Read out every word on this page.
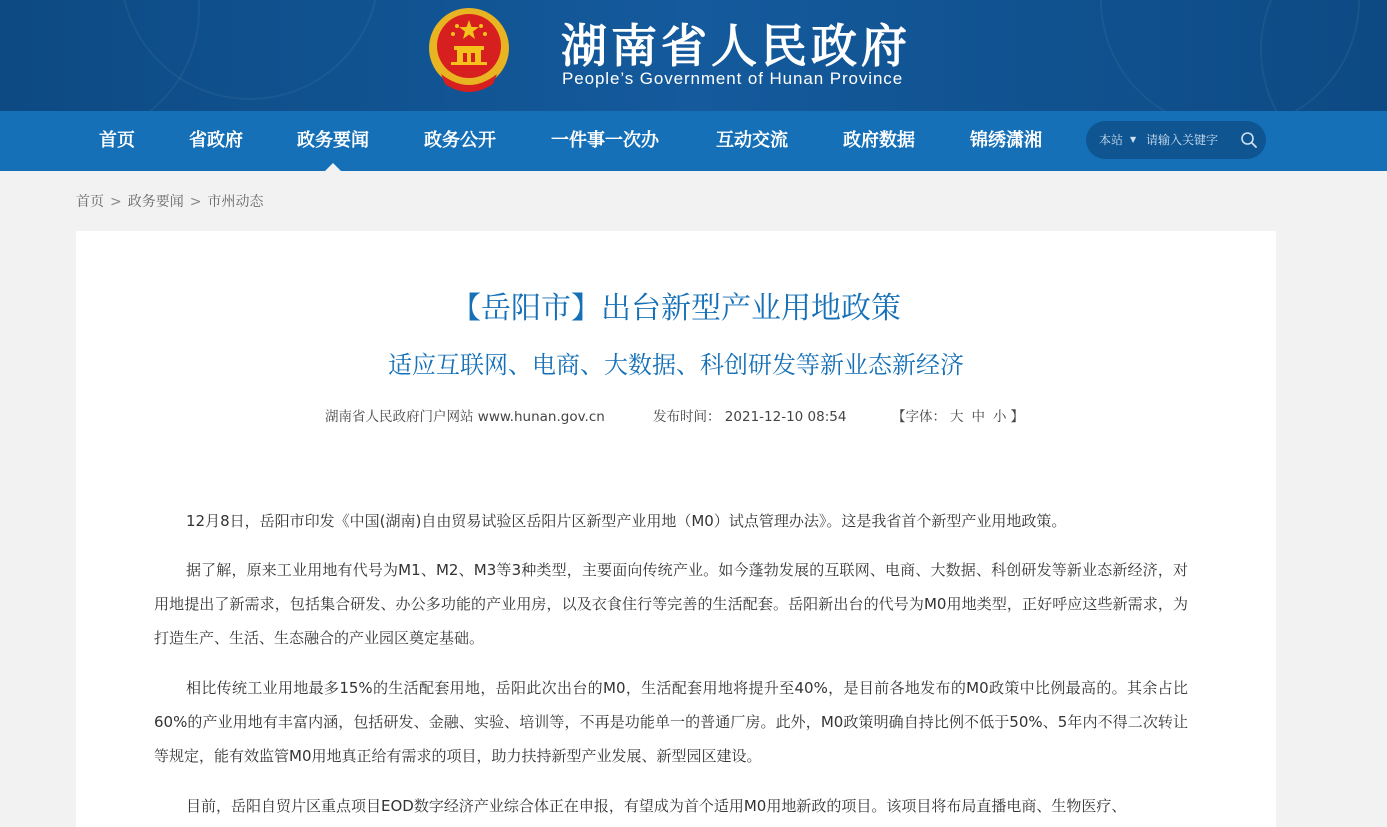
湖南省人民政府
People’s Government of Hunan Province
首页	省政府	政务要闻	政务公开	一件事一次办	互动交流	政府数据	锦绣潇湘	本站 ▼
请输入关键字
首页 > 政务要闻 > 市州动态
【岳阳市】出台新型产业用地政策
适应互联网、电商、大数据、科创研发等新业态新经济
湖南省人民政府门户网站 www.hunan.gov.cn	发布时间： 2021-12-10 08:54	【字体： 大 中 小 】

12月8日，岳阳市印发《中国(湖南)自由贸易试验区岳阳片区新型产业用地（M0）试点管理办法》。这是我省首个新型产业用地政策。

据了解，原来工业用地有代号为M1、M2、M3等3种类型，主要面向传统产业。如今蓬勃发展的互联网、电商、大数据、科创研发等新业态新经济，对用地提出了新需求，包括集合研发、办公多功能的产业用房，以及衣食住行等完善的生活配套。岳阳新出台的代号为M0用地类型，正好呼应这些新需求，为打造生产、生活、生态融合的产业园区奠定基础。

相比传统工业用地最多15%的生活配套用地，岳阳此次出台的M0，生活配套用地将提升至40%，是目前各地发布的M0政策中比例最高的。其余占比60%的产业用地有丰富内涵，包括研发、金融、实验、培训等，不再是功能单一的普通厂房。此外，M0政策明确自持比例不低于50%、5年内不得二次转让等规定，能有效监管M0用地真正给有需求的项目，助力扶持新型产业发展、新型园区建设。

目前，岳阳自贸片区重点项目EOD数字经济产业综合体正在申报，有望成为首个适用M0用地新政的项目。该项目将布局直播电商、生物医疗、
